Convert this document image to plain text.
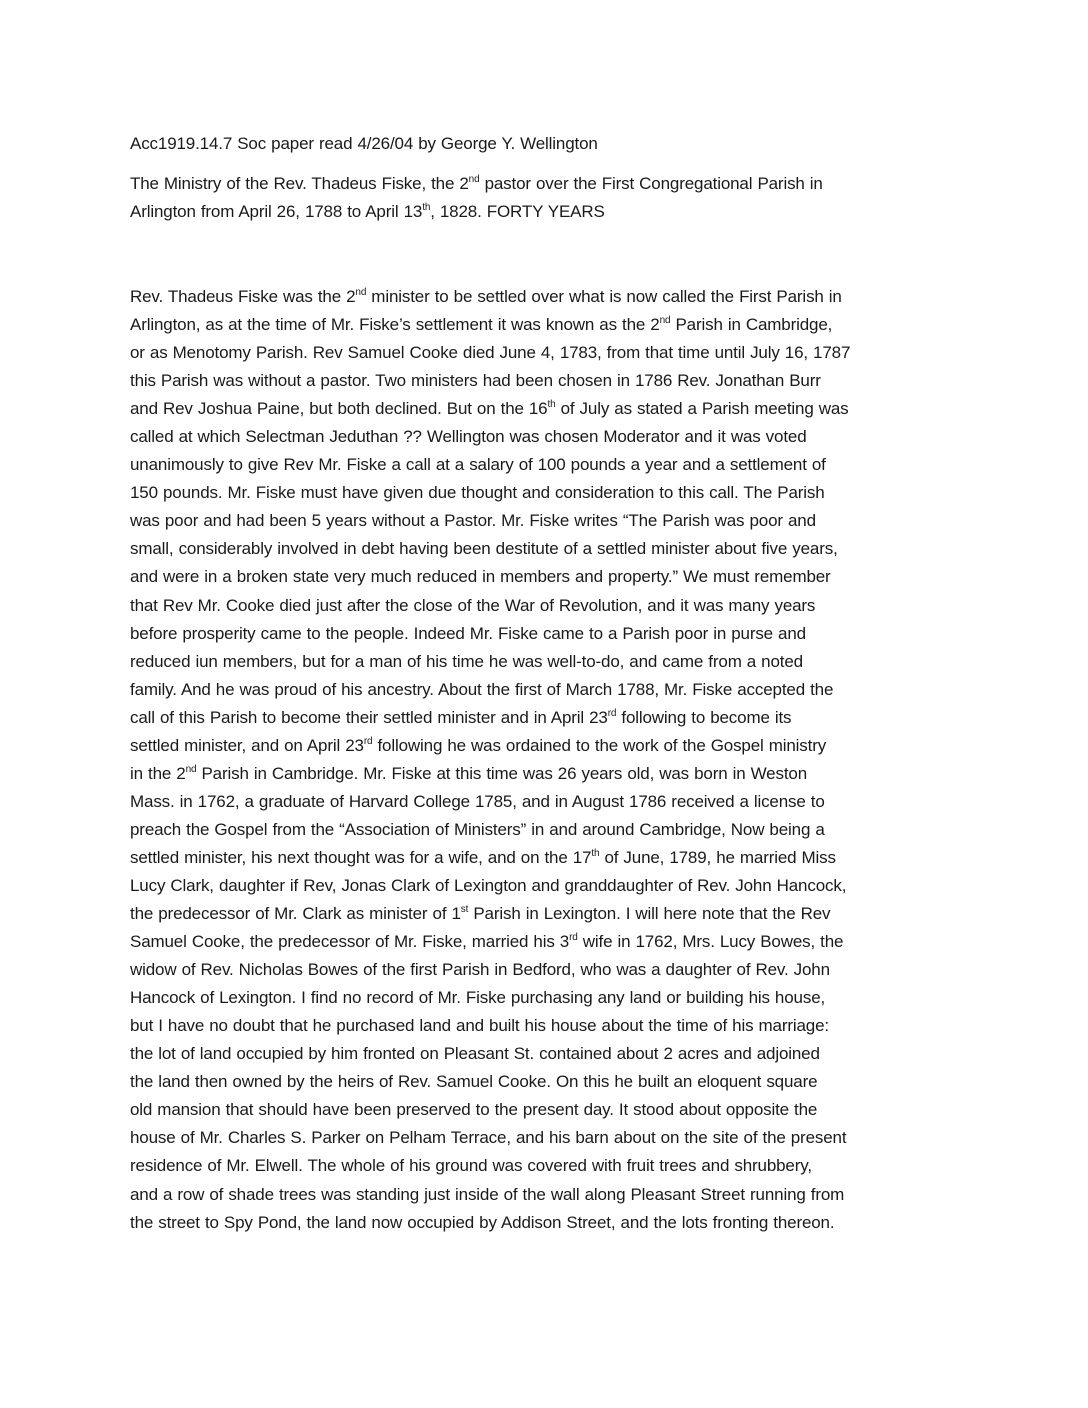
Acc1919.14.7 Soc paper read 4/26/04 by George Y. Wellington

The Ministry of the Rev. Thadeus Fiske, the 2nd pastor over the First Congregational Parish in
Arlington from April 26, 1788 to April 13th, 1828. FORTY YEARS

Rev. Thadeus Fiske was the 2nd minister to be settled over what is now called the First Parish in
Arlington, as at the time of Mr. Fiske’s settlement it was known as the 2nd Parish in Cambridge,
or as Menotomy Parish. Rev Samuel Cooke died June 4, 1783, from that time until July 16, 1787
this Parish was without a pastor. Two ministers had been chosen in 1786 Rev. Jonathan Burr
and Rev Joshua Paine, but both declined. But on the 16th of July as stated a Parish meeting was
called at which Selectman Jeduthan ?? Wellington was chosen Moderator and it was voted
unanimously to give Rev Mr. Fiske a call at a salary of 100 pounds a year and a settlement of
150 pounds. Mr. Fiske must have given due thought and consideration to this call. The Parish
was poor and had been 5 years without a Pastor. Mr. Fiske writes “The Parish was poor and
small, considerably involved in debt having been destitute of a settled minister about five years,
and were in a broken state very much reduced in members and property.” We must remember
that Rev Mr. Cooke died just after the close of the War of Revolution, and it was many years
before prosperity came to the people. Indeed Mr. Fiske came to a Parish poor in purse and
reduced iun members, but for a man of his time he was well-to-do, and came from a noted
family. And he was proud of his ancestry. About the first of March 1788, Mr. Fiske accepted the
call of this Parish to become their settled minister and in April 23rd following to become its
settled minister, and on April 23rd following he was ordained to the work of the Gospel ministry
in the 2nd Parish in Cambridge. Mr. Fiske at this time was 26 years old, was born in Weston
Mass. in 1762, a graduate of Harvard College 1785, and in August 1786 received a license to
preach the Gospel from the “Association of Ministers” in and around Cambridge, Now being a
settled minister, his next thought was for a wife, and on the 17th of June, 1789, he married Miss
Lucy Clark, daughter if Rev, Jonas Clark of Lexington and granddaughter of Rev. John Hancock,
the predecessor of Mr. Clark as minister of 1st Parish in Lexington. I will here note that the Rev
Samuel Cooke, the predecessor of Mr. Fiske, married his 3rd wife in 1762, Mrs. Lucy Bowes, the
widow of Rev. Nicholas Bowes of the first Parish in Bedford, who was a daughter of Rev. John
Hancock of Lexington. I find no record of Mr. Fiske purchasing any land or building his house,
but I have no doubt that he purchased land and built his house about the time of his marriage:
the lot of land occupied by him fronted on Pleasant St. contained about 2 acres and adjoined
the land then owned by the heirs of Rev. Samuel Cooke. On this he built an eloquent square
old mansion that should have been preserved to the present day. It stood about opposite the
house of Mr. Charles S. Parker on Pelham Terrace, and his barn about on the site of the present
residence of Mr. Elwell. The whole of his ground was covered with fruit trees and shrubbery,
and a row of shade trees was standing just inside of the wall along Pleasant Street running from
the street to Spy Pond, the land now occupied by Addison Street, and the lots fronting thereon.
